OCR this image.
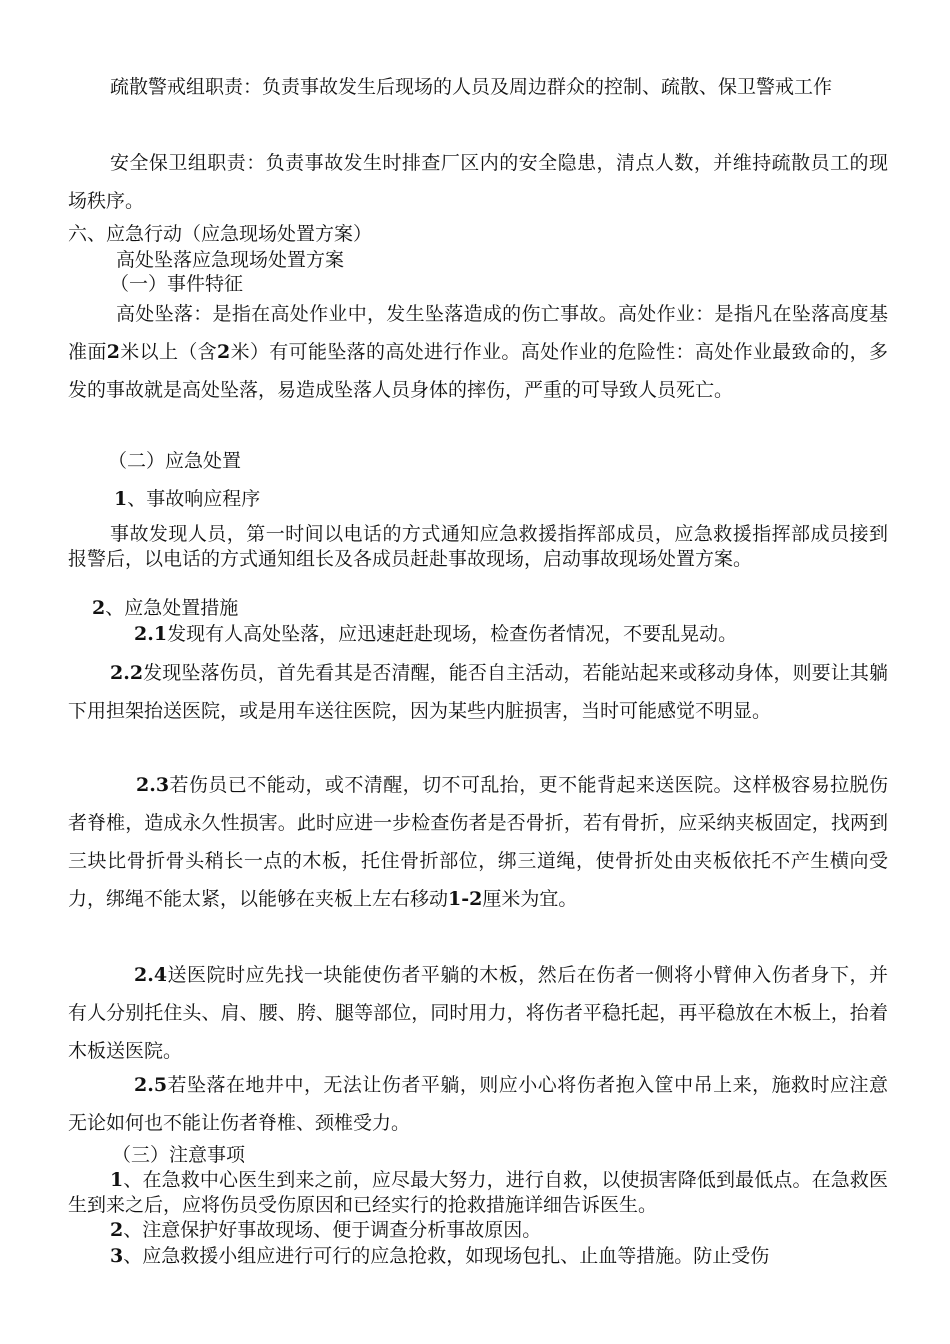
疏散警戒组职责：负责事故发生后现场的人员及周边群众的控制、疏散、保卫警戒工作

安全保卫组职责：负责事故发生时排查厂区内的安全隐患，清点人数，并维持疏散员工的现场秩序。

六、应急行动（应急现场处置方案）

高处坠落应急现场处置方案

（一）事件特征

高处坠落：是指在高处作业中，发生坠落造成的伤亡事故。高处作业：是指凡在坠落高度基准面2米以上（含2米）有可能坠落的高处进行作业。高处作业的危险性：高处作业最致命的，多发的事故就是高处坠落，易造成坠落人员身体的摔伤，严重的可导致人员死亡。

（二）应急处置

1、事故响应程序

事故发现人员，第一时间以电话的方式通知应急救援指挥部成员，应急救援指挥部成员接到报警后，以电话的方式通知组长及各成员赶赴事故现场，启动事故现场处置方案。

2、应急处置措施

2.1发现有人高处坠落，应迅速赶赴现场，检查伤者情况，不要乱晃动。

2.2发现坠落伤员，首先看其是否清醒，能否自主活动，若能站起来或移动身体，则要让其躺下用担架抬送医院，或是用车送往医院，因为某些内脏损害，当时可能感觉不明显。

2.3若伤员已不能动，或不清醒，切不可乱抬，更不能背起来送医院。这样极容易拉脱伤者脊椎，造成永久性损害。此时应进一步检查伤者是否骨折，若有骨折，应采纳夹板固定，找两到三块比骨折骨头稍长一点的木板，托住骨折部位，绑三道绳，使骨折处由夹板依托不产生横向受力，绑绳不能太紧，以能够在夹板上左右移动1-2厘米为宜。

2.4送医院时应先找一块能使伤者平躺的木板，然后在伤者一侧将小臂伸入伤者身下，并有人分别托住头、肩、腰、胯、腿等部位，同时用力，将伤者平稳托起，再平稳放在木板上，抬着木板送医院。

2.5若坠落在地井中，无法让伤者平躺，则应小心将伤者抱入筐中吊上来，施救时应注意无论如何也不能让伤者脊椎、颈椎受力。

（三）注意事项

1、在急救中心医生到来之前，应尽最大努力，进行自救，以使损害降低到最低点。在急救医生到来之后，应将伤员受伤原因和已经实行的抢救措施详细告诉医生。

2、注意保护好事故现场、便于调查分析事故原因。

3、应急救援小组应进行可行的应急抢救，如现场包扎、止血等措施。防止受伤
